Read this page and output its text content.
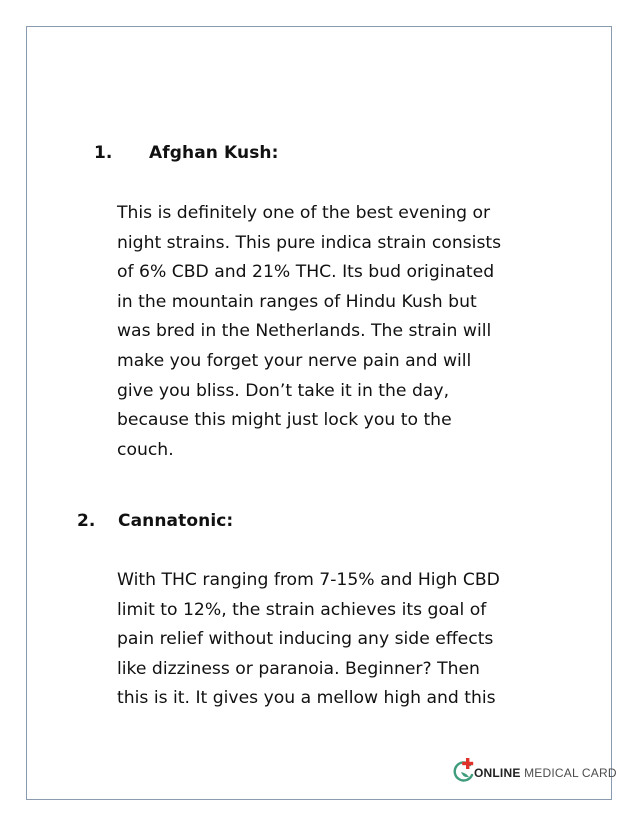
1. Afghan Kush:
This is definitely one of the best evening or
night strains. This pure indica strain consists
of 6% CBD and 21% THC. Its bud originated
in the mountain ranges of Hindu Kush but
was bred in the Netherlands. The strain will
make you forget your nerve pain and will
give you bliss. Don’t take it in the day,
because this might just lock you to the
couch.
2. Cannatonic:
With THC ranging from 7-15% and High CBD
limit to 12%, the strain achieves its goal of
pain relief without inducing any side effects
like dizziness or paranoia. Beginner? Then
this is it. It gives you a mellow high and this
ONLINE MEDICAL CARD
